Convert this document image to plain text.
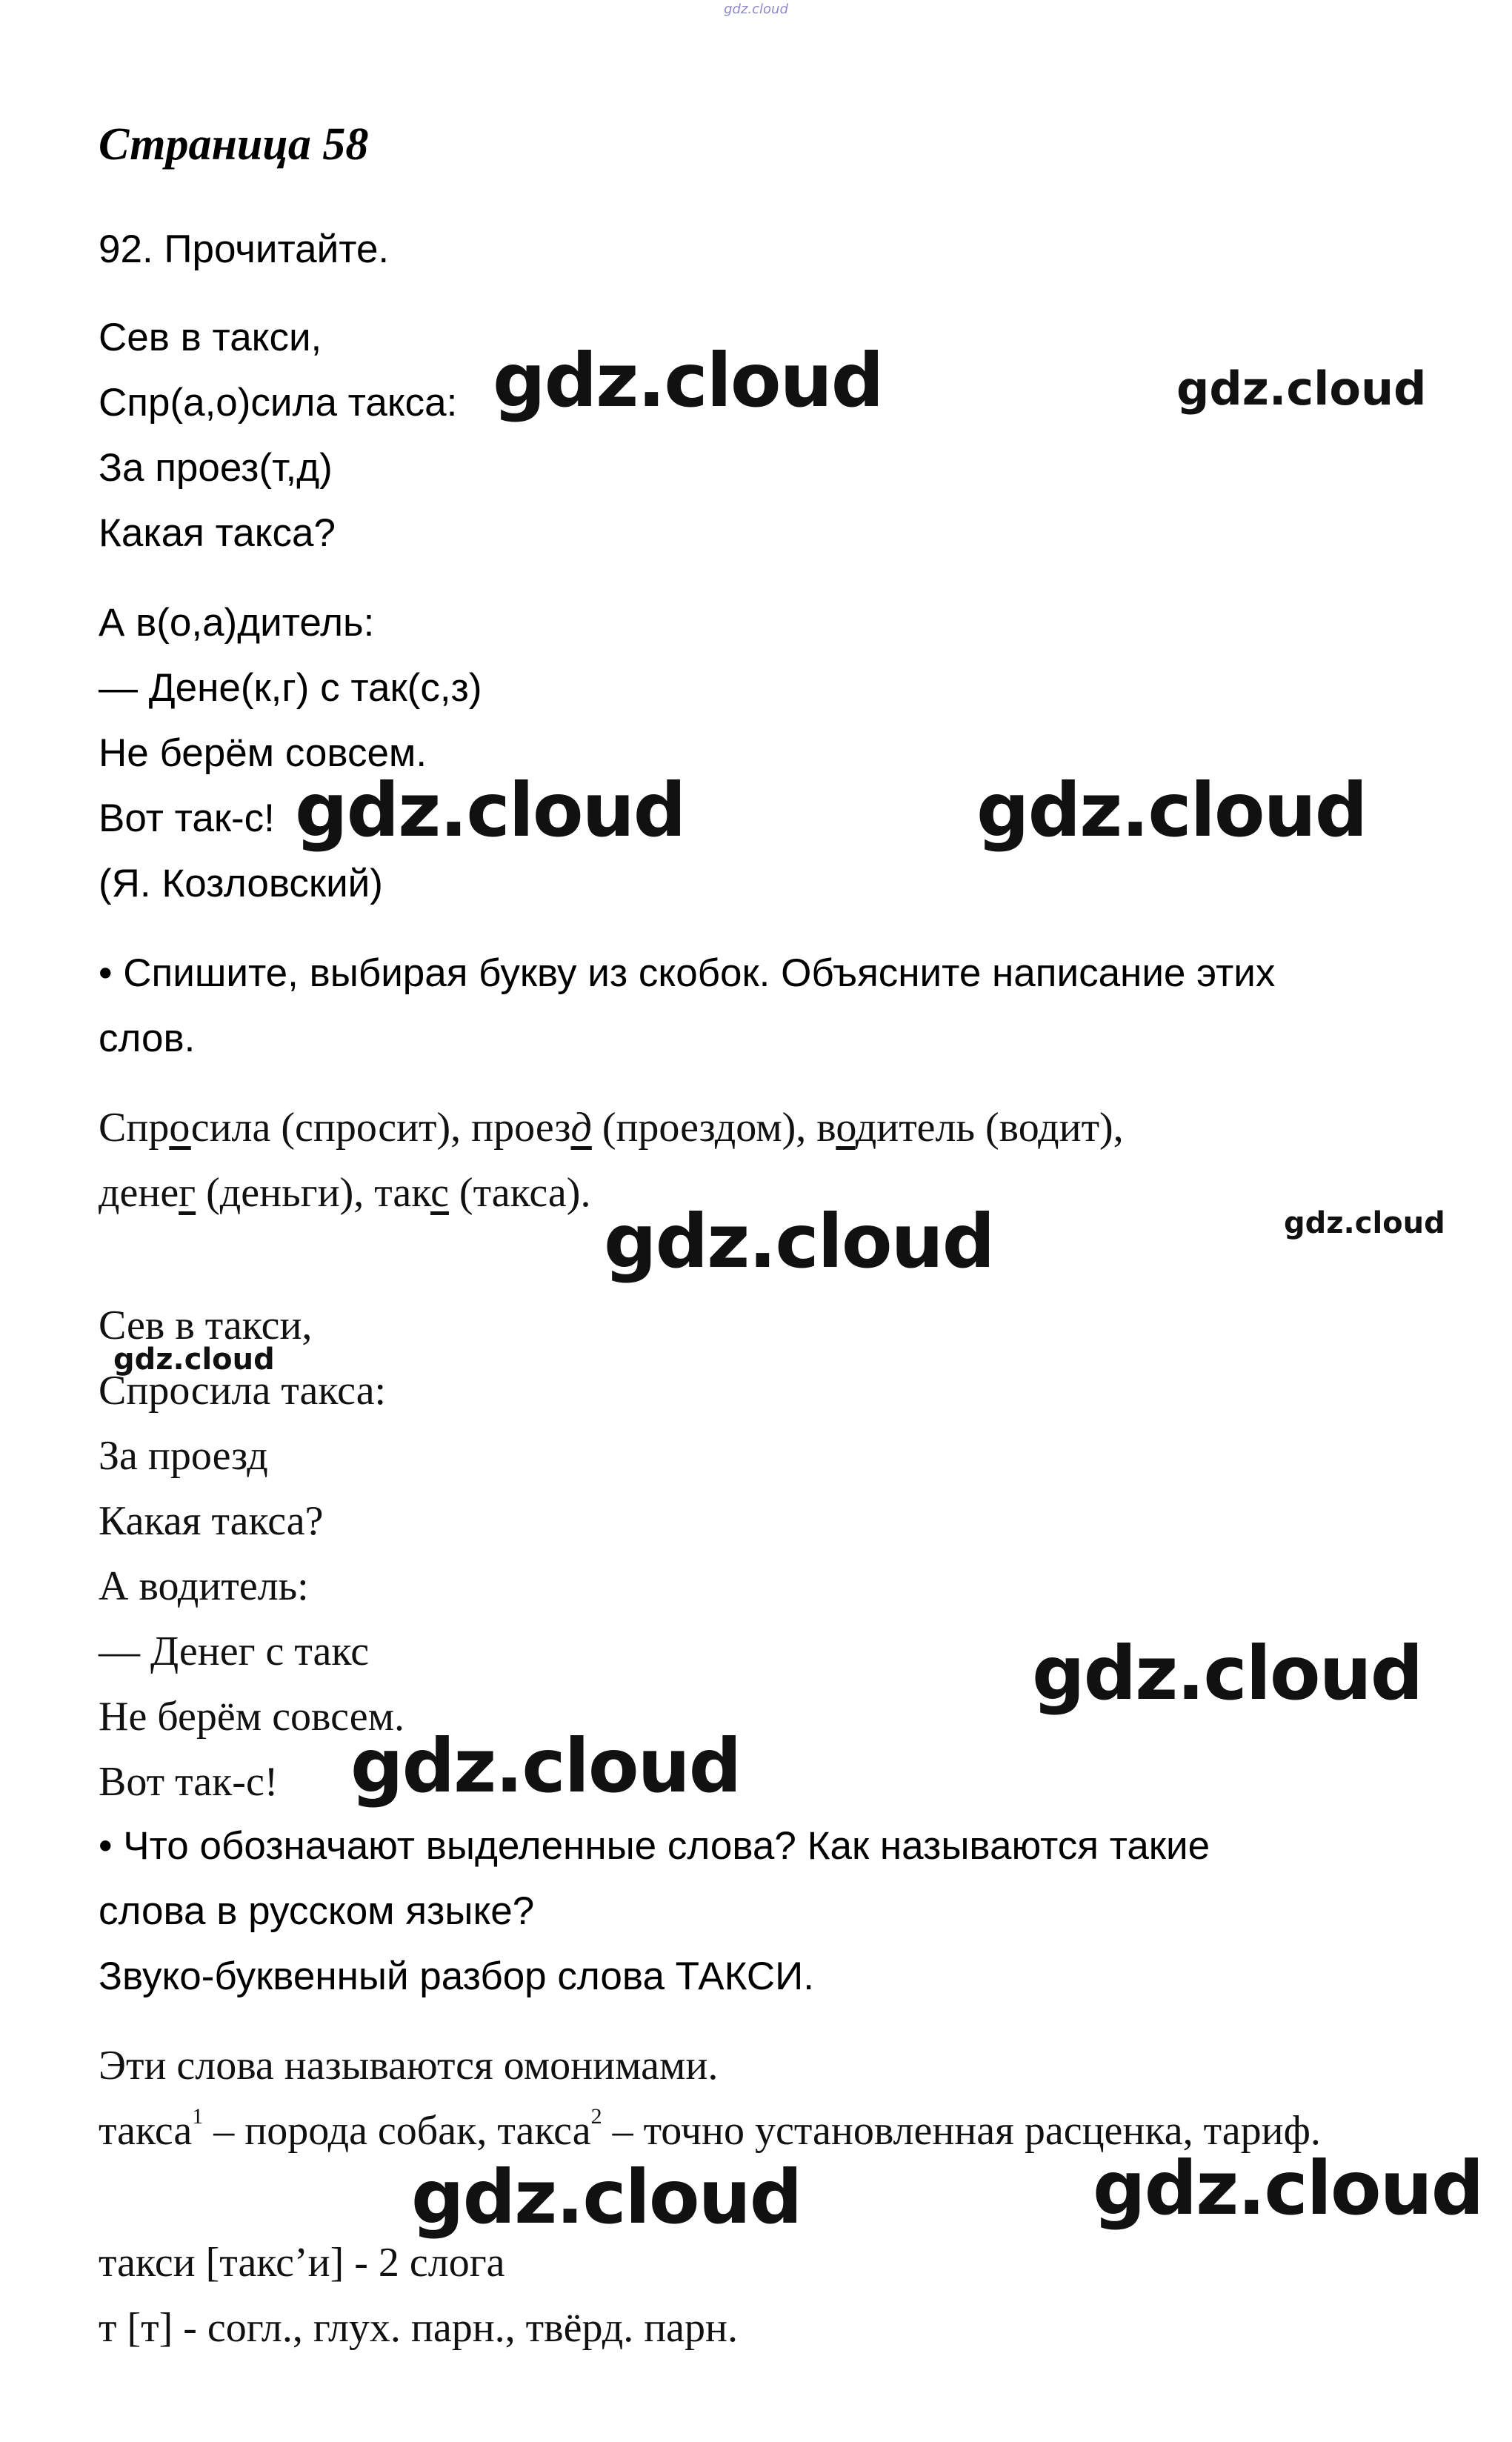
gdz.cloud
Страница 58
92. Прочитайте.
Сев в такси,
Спр(а,о)сила такса:
За проез(т,д)
Какая такса?
А в(о,а)дитель:
— Дене(к,г) с так(с,з)
Не берём совсем.
Вот так-с!
(Я. Козловский)
• Спишите, выбирая букву из скобок. Объясните написание этих
слов.
Спросила (спросит), проезд (проездом), водитель (водит),
денег (деньги), такс (такса).
Сев в такси,
Спросила такса:
За проезд
Какая такса?
А водитель:
— Денег с такс
Не берём совсем.
Вот так-с!
• Что обозначают выделенные слова? Как называются такие
слова в русском языке?
Звуко-буквенный разбор слова ТАКСИ.
Эти слова называются омонимами.
такса$^1$ – порода собак, такса$^2$ – точно установленная расценка, тариф.
такси [такс’и] - 2 слога
т [т] - согл., глух. парн., твёрд. парн.
gdz.cloud	gdz.cloud
gdz.cloud	gdz.cloud
gdz.cloud	gdz.cloud
gdz.cloud
gdz.cloud
gdz.cloud
gdz.cloud	gdz.cloud
